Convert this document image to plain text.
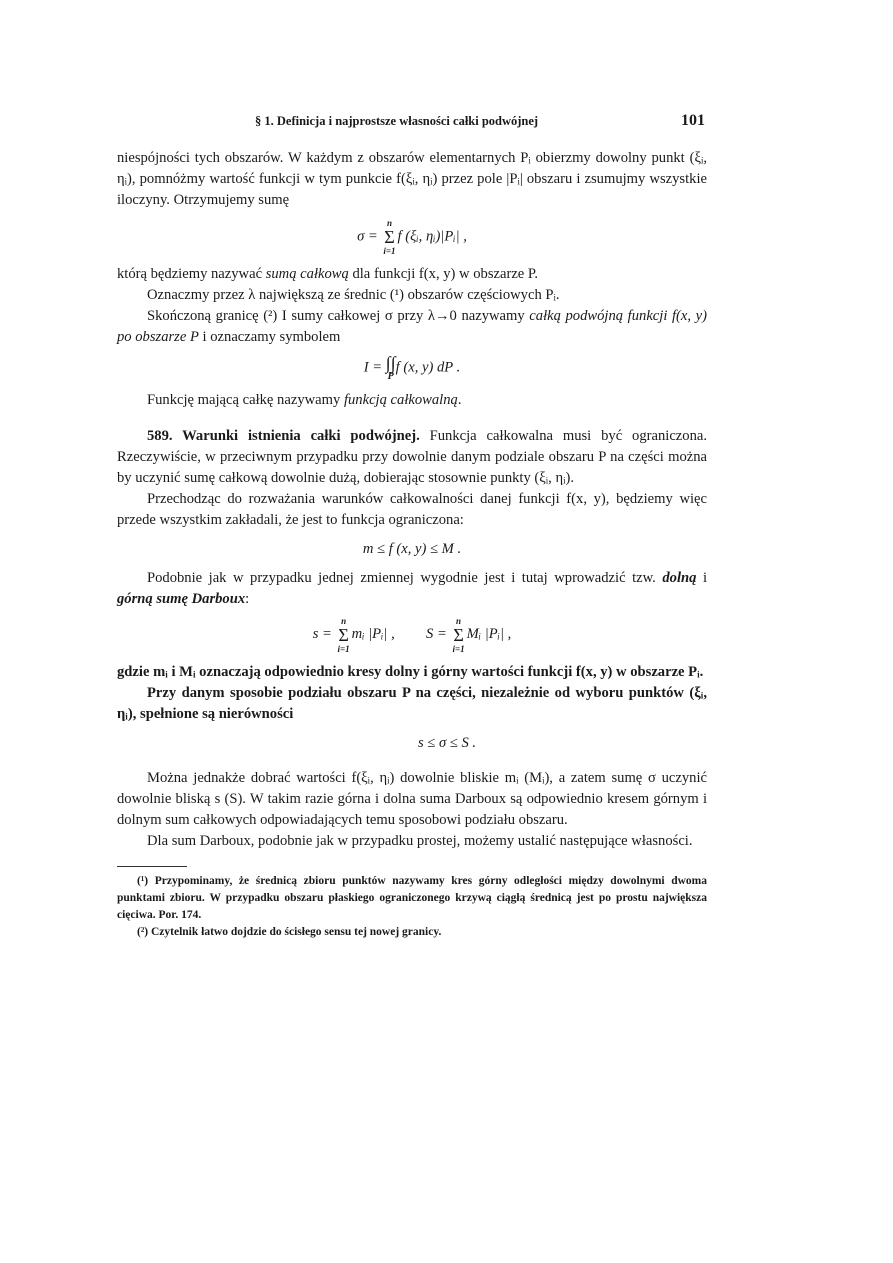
§ 1. Definicja i najprostsze własności całki podwójnej	101

niespójności tych obszarów. W każdym z obszarów elementarnych Pᵢ obierzmy dowolny punkt (ξᵢ, ηᵢ), pomnóżmy wartość funkcji w tym punkcie f(ξᵢ, ηᵢ) przez pole |Pᵢ| obszaru i zsumujmy wszystkie iloczyny. Otrzymujemy sumę

σ =
n
Σ
i=1
f (ξᵢ, ηᵢ)|Pᵢ| ,

którą będziemy nazywać sumą całkową dla funkcji f(x, y) w obszarze P.

Oznaczmy przez λ największą ze średnic (¹) obszarów częściowych Pᵢ.

Skończoną granicę (²) I sumy całkowej σ przy λ→0 nazywamy całką podwójną funkcji f(x, y) po obszarze P i oznaczamy symbolem

I = ∫∫
P
f (x, y) dP .

Funkcję mającą całkę nazywamy funkcją całkowalną.

589. Warunki istnienia całki podwójnej. Funkcja całkowalna musi być ograniczona. Rzeczywiście, w przeciwnym przypadku przy dowolnie danym podziale obszaru P na części można by uczynić sumę całkową dowolnie dużą, dobierając stosownie punkty (ξᵢ, ηᵢ).

Przechodząc do rozważania warunków całkowalności danej funkcji f(x, y), będziemy więc przede wszystkim zakładali, że jest to funkcja ograniczona:

m ≤ f (x, y) ≤ M .

Podobnie jak w przypadku jednej zmiennej wygodnie jest i tutaj wprowadzić tzw. dolną i górną sumę Darboux:

s =
n
Σ
i=1
mᵢ |Pᵢ| , S =
n
Σ
i=1
Mᵢ |Pᵢ| ,

gdzie mᵢ i Mᵢ oznaczają odpowiednio kresy dolny i górny wartości funkcji f(x, y) w obszarze Pᵢ.

Przy danym sposobie podziału obszaru P na części, niezależnie od wyboru punktów (ξᵢ, ηᵢ), spełnione są nierówności

s ≤ σ ≤ S .

Można jednakże dobrać wartości f(ξᵢ, ηᵢ) dowolnie bliskie mᵢ (Mᵢ), a zatem sumę σ uczynić dowolnie bliską s (S). W takim razie górna i dolna suma Darboux są odpowiednio kresem górnym i dolnym sum całkowych odpowiadających temu sposobowi podziału obszaru.

Dla sum Darboux, podobnie jak w przypadku prostej, możemy ustalić następujące własności.

(¹) Przypominamy, że średnicą zbioru punktów nazywamy kres górny odległości między dowolnymi dwoma punktami zbioru. W przypadku obszaru płaskiego ograniczonego krzywą ciągłą średnicą jest po prostu największa cięciwa. Por. 174.

(²) Czytelnik łatwo dojdzie do ścisłego sensu tej nowej granicy.
